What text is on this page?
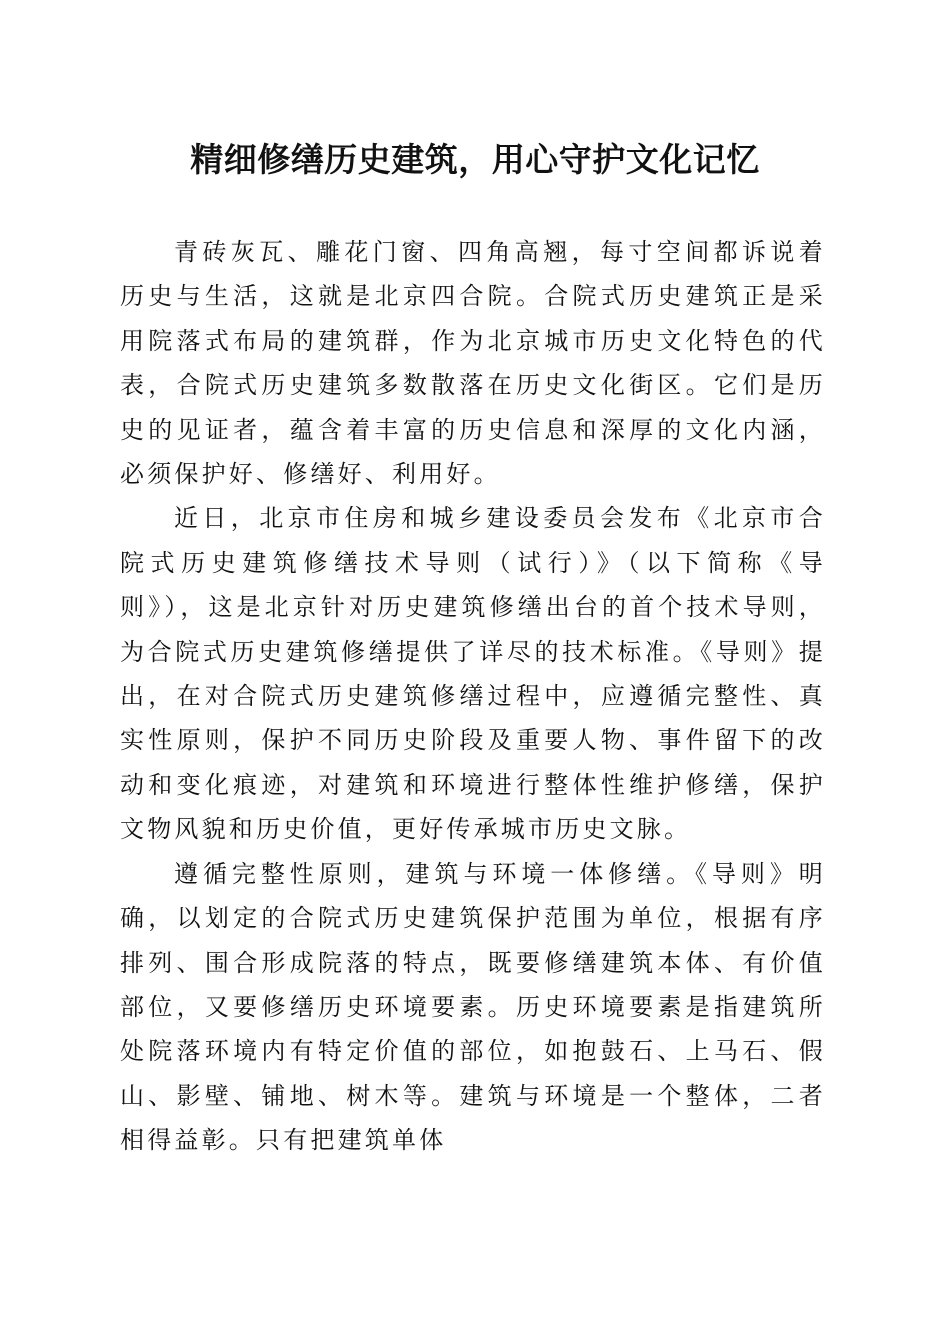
精细修缮历史建筑，用心守护文化记忆

青砖灰瓦、雕花门窗、四角高翘，每寸空间都诉说着历史与生活，这就是北京四合院。合院式历史建筑正是采用院落式布局的建筑群，作为北京城市历史文化特色的代表，合院式历史建筑多数散落在历史文化街区。它们是历史的见证者，蕴含着丰富的历史信息和深厚的文化内涵，必须保护好、修缮好、利用好。

近日，北京市住房和城乡建设委员会发布《北京市合院式历史建筑修缮技术导则（试行）》（以下简称《导则》），这是北京针对历史建筑修缮出台的首个技术导则，为合院式历史建筑修缮提供了详尽的技术标准。《导则》提出，在对合院式历史建筑修缮过程中，应遵循完整性、真实性原则，保护不同历史阶段及重要人物、事件留下的改动和变化痕迹，对建筑和环境进行整体性维护修缮，保护文物风貌和历史价值，更好传承城市历史文脉。

遵循完整性原则，建筑与环境一体修缮。《导则》明确，以划定的合院式历史建筑保护范围为单位，根据有序排列、围合形成院落的特点，既要修缮建筑本体、有价值部位，又要修缮历史环境要素。历史环境要素是指建筑所处院落环境内有特定价值的部位，如抱鼓石、上马石、假山、影壁、铺地、树木等。建筑与环境是一个整体，二者相得益彰。只有把建筑单体
